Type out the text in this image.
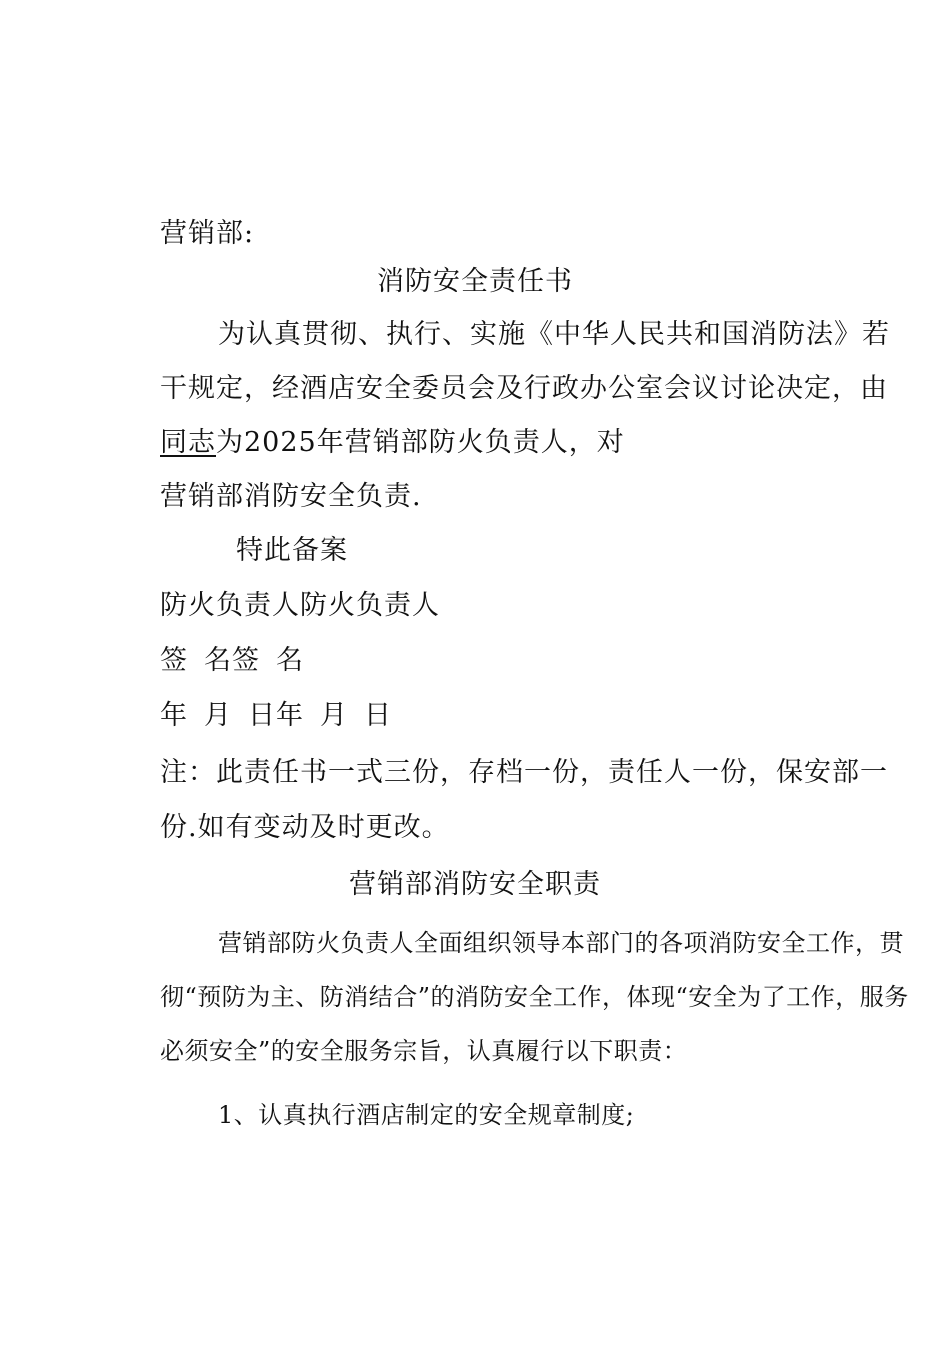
营销部:
消防安全责任书
为认真贯彻、执行、实施《中华人民共和国消防法》若
干规定，经酒店安全委员会及行政办公室会议讨论决定，由
同志为2025年营销部防火负责人，对
营销部消防安全负责.
特此备案
防火负责人防火负责人
签 名签 名
年 月 日年 月 日
注：此责任书一式三份，存档一份，责任人一份，保安部一
份.如有变动及时更改。
营销部消防安全职责
营销部防火负责人全面组织领导本部门的各项消防安全工作，贯
彻“预防为主、防消结合”的消防安全工作，体现“安全为了工作，服务
必须安全”的安全服务宗旨，认真履行以下职责：
1、认真执行酒店制定的安全规章制度;
